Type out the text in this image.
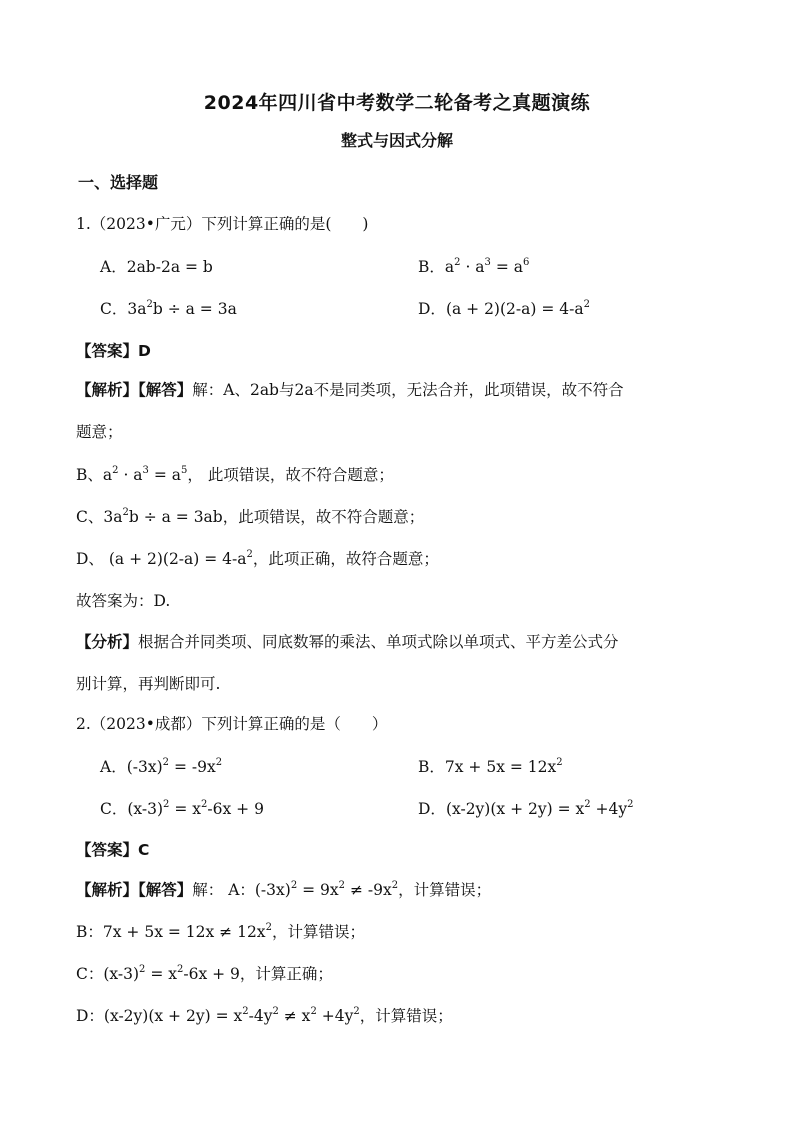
2024年四川省中考数学二轮备考之真题演练
整式与因式分解
一、选择题
1.（2023•广元）下列计算正确的是(　　)
A．2ab-2a = b	B．$a^2 \cdot a^3 = a^6$
C．$3a^2b \div a = 3a$	D．$(a + 2)(2-a) = 4-a^2$
【答案】D
【解析】【解答】解：A、2ab与2a不是同类项，无法合并，此项错误，故不符合
题意；
B、$a^2 \cdot a^3 = a^5$， 此项错误，故不符合题意；
C、$3a^2b \div a = 3ab$，此项错误，故不符合题意；
D、 $(a + 2)(2-a) = 4-a^2$，此项正确，故符合题意；
故答案为：D.
【分析】根据合并同类项、同底数幂的乘法、单项式除以单项式、平方差公式分
别计算，再判断即可.
2.（2023•成都）下列计算正确的是（　　）
A．$(-3x)^2 = -9x^2$	B．$7x + 5x = 12x^2$
C．$(x-3)^2 = x^2-6x + 9$	D．$(x-2y)(x + 2y) = x^2 +4y^2$
【答案】C
【解析】【解答】解： A：$(-3x)^2 = 9x^2 \ne -9x^2$，计算错误；
B：$7x + 5x = 12x \ne 12x^2$，计算错误；
C：$(x-3)^2 = x^2-6x + 9$，计算正确；
D：$(x-2y)(x + 2y) = x^2-4y^2 \ne x^2 +4y^2$，计算错误；
